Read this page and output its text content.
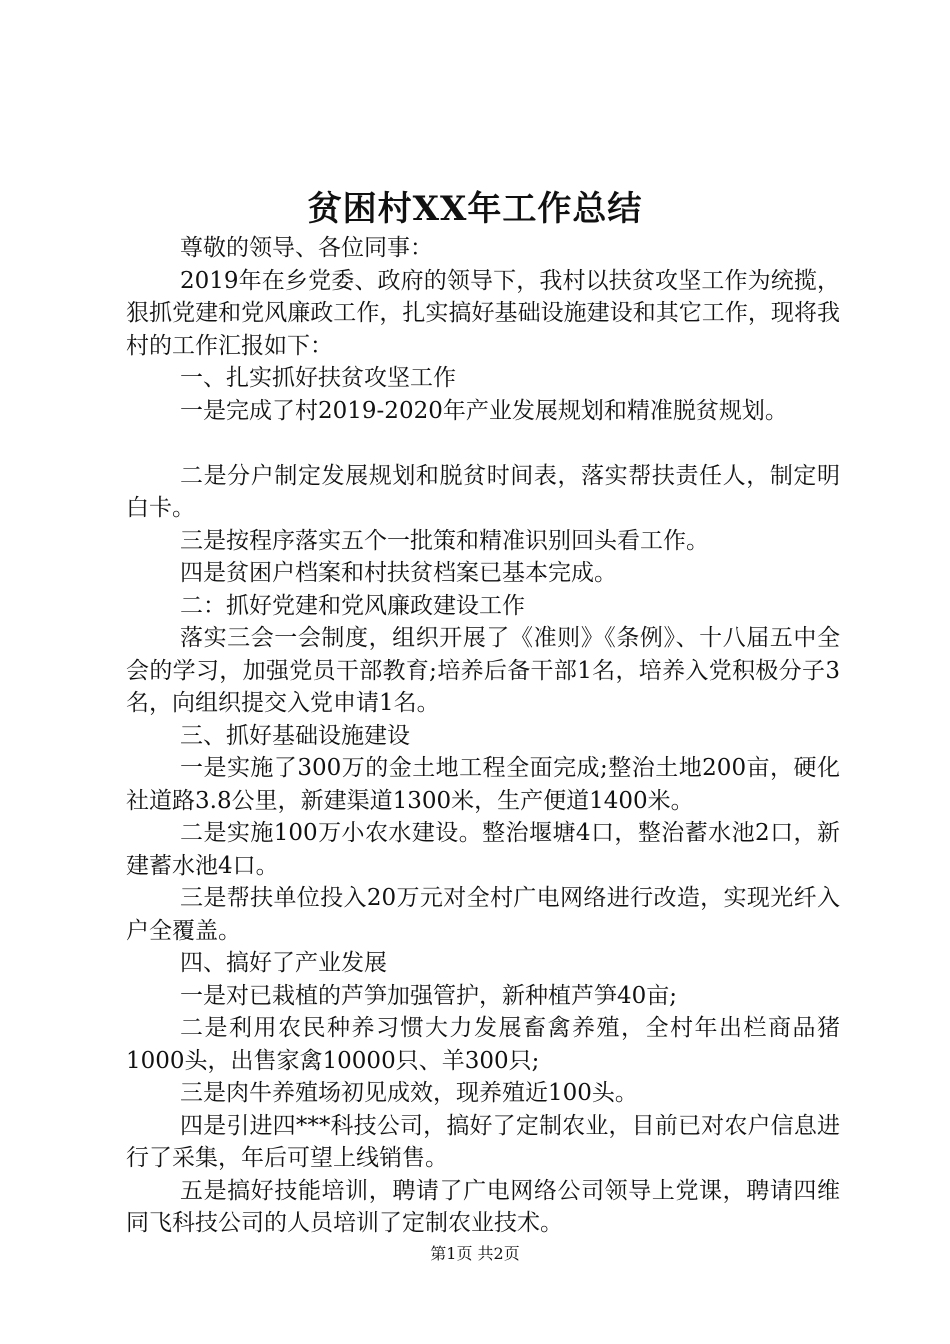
贫困村XX年工作总结

尊敬的领导、各位同事：

2019年在乡党委、政府的领导下，我村以扶贫攻坚工作为统揽，狠抓党建和党风廉政工作，扎实搞好基础设施建设和其它工作，现将我村的工作汇报如下：

一、扎实抓好扶贫攻坚工作

一是完成了村2019-2020年产业发展规划和精准脱贫规划。

二是分户制定发展规划和脱贫时间表，落实帮扶责任人，制定明白卡。

三是按程序落实五个一批策和精准识别回头看工作。

四是贫困户档案和村扶贫档案已基本完成。

二：抓好党建和党风廉政建设工作

落实三会一会制度，组织开展了《准则》《条例》、十八届五中全会的学习，加强党员干部教育;培养后备干部1名，培养入党积极分子3名，向组织提交入党申请1名。

三、抓好基础设施建设

一是实施了300万的金土地工程全面完成;整治土地200亩，硬化社道路3.8公里，新建渠道1300米，生产便道1400米。

二是实施100万小农水建设。整治堰塘4口，整治蓄水池2口，新建蓄水池4口。

三是帮扶单位投入20万元对全村广电网络进行改造，实现光纤入户全覆盖。

四、搞好了产业发展

一是对已栽植的芦笋加强管护，新种植芦笋40亩;

二是利用农民种养习惯大力发展畜禽养殖，全村年出栏商品猪1000头，出售家禽10000只、羊300只;

三是肉牛养殖场初见成效，现养殖近100头。

四是引进四***科技公司，搞好了定制农业，目前已对农户信息进行了采集，年后可望上线销售。

五是搞好技能培训，聘请了广电网络公司领导上党课，聘请四维同飞科技公司的人员培训了定制农业技术。

第1页 共2页
